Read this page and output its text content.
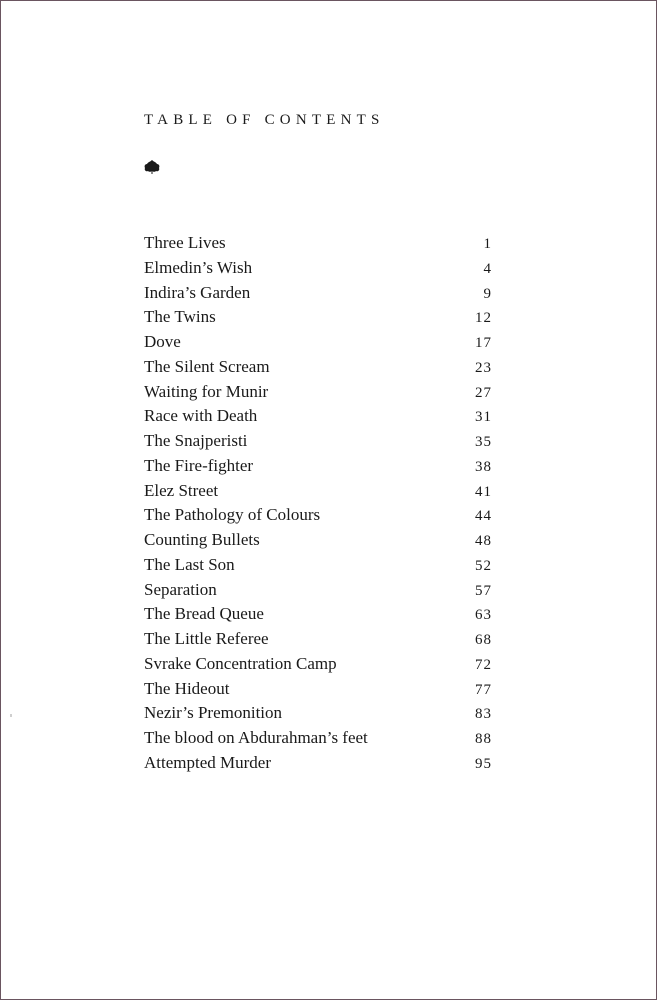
TABLE OF CONTENTS
Three Lives	1
Elmedin’s Wish	4
Indira’s Garden	9
The Twins	12
Dove	17
The Silent Scream	23
Waiting for Munir	27
Race with Death	31
The Snajperisti	35
The Fire-fighter	38
Elez Street	41
The Pathology of Colours	44
Counting Bullets	48
The Last Son	52
Separation	57
The Bread Queue	63
The Little Referee	68
Svrake Concentration Camp	72
The Hideout	77
Nezir’s Premonition	83
The blood on Abdurahman’s feet	88
Attempted Murder	95
